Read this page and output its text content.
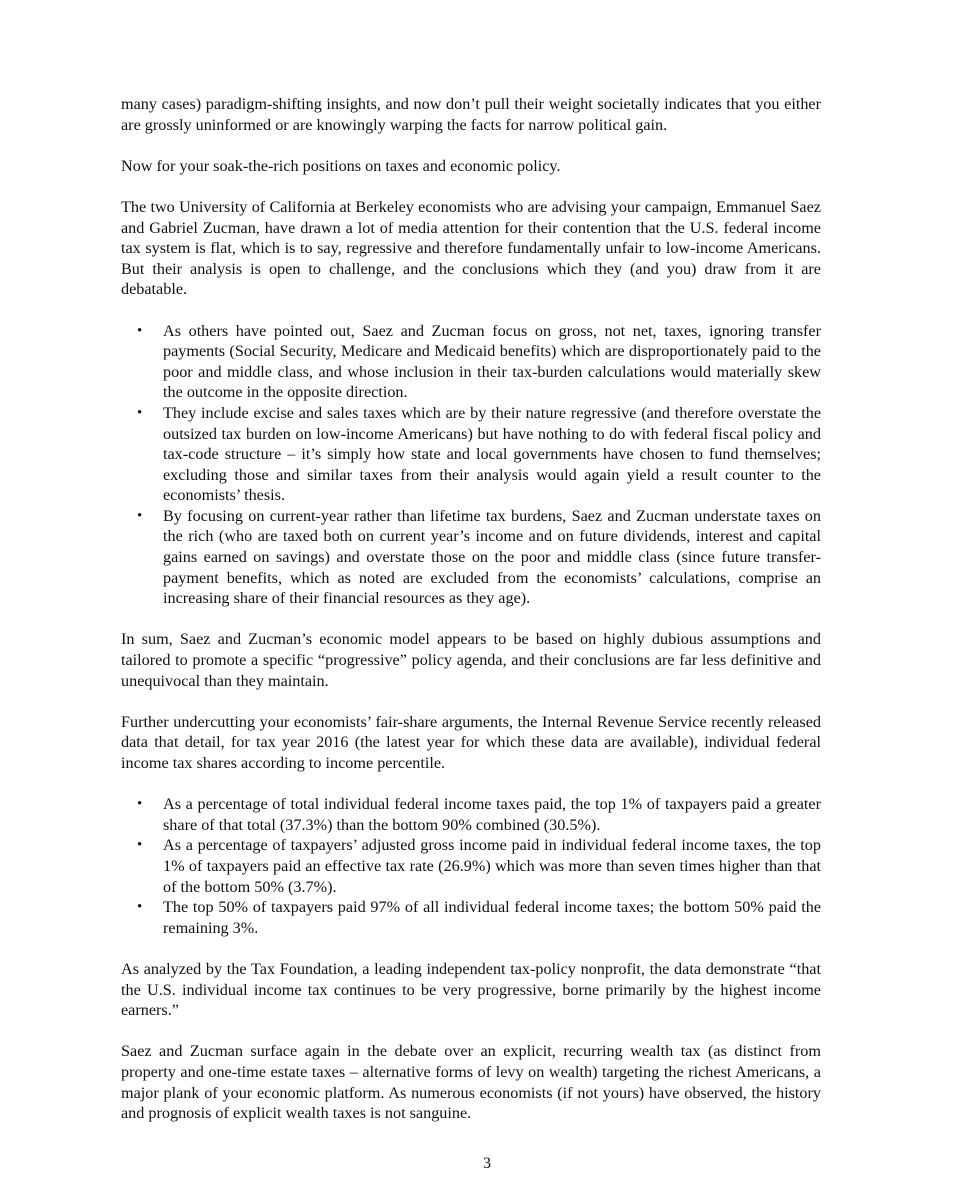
many cases) paradigm-shifting insights, and now don’t pull their weight societally indicates that you either are grossly uninformed or are knowingly warping the facts for narrow political gain.

Now for your soak-the-rich positions on taxes and economic policy.

The two University of California at Berkeley economists who are advising your campaign, Emmanuel Saez and Gabriel Zucman, have drawn a lot of media attention for their contention that the U.S. federal income tax system is flat, which is to say, regressive and therefore fundamentally unfair to low-income Americans. But their analysis is open to challenge, and the conclusions which they (and you) draw from it are debatable.

• As others have pointed out, Saez and Zucman focus on gross, not net, taxes, ignoring transfer payments (Social Security, Medicare and Medicaid benefits) which are disproportionately paid to the poor and middle class, and whose inclusion in their tax-burden calculations would materially skew the outcome in the opposite direction.
• They include excise and sales taxes which are by their nature regressive (and therefore overstate the outsized tax burden on low-income Americans) but have nothing to do with federal fiscal policy and tax-code structure – it’s simply how state and local governments have chosen to fund themselves; excluding those and similar taxes from their analysis would again yield a result counter to the economists’ thesis.
• By focusing on current-year rather than lifetime tax burdens, Saez and Zucman understate taxes on the rich (who are taxed both on current year’s income and on future dividends, interest and capital gains earned on savings) and overstate those on the poor and middle class (since future transfer-payment benefits, which as noted are excluded from the economists’ calculations, comprise an increasing share of their financial resources as they age).

In sum, Saez and Zucman’s economic model appears to be based on highly dubious assumptions and tailored to promote a specific “progressive” policy agenda, and their conclusions are far less definitive and unequivocal than they maintain.

Further undercutting your economists’ fair-share arguments, the Internal Revenue Service recently released data that detail, for tax year 2016 (the latest year for which these data are available), individual federal income tax shares according to income percentile.

• As a percentage of total individual federal income taxes paid, the top 1% of taxpayers paid a greater share of that total (37.3%) than the bottom 90% combined (30.5%).
• As a percentage of taxpayers’ adjusted gross income paid in individual federal income taxes, the top 1% of taxpayers paid an effective tax rate (26.9%) which was more than seven times higher than that of the bottom 50% (3.7%).
• The top 50% of taxpayers paid 97% of all individual federal income taxes; the bottom 50% paid the remaining 3%.

As analyzed by the Tax Foundation, a leading independent tax-policy nonprofit, the data demonstrate “that the U.S. individual income tax continues to be very progressive, borne primarily by the highest income earners.”

Saez and Zucman surface again in the debate over an explicit, recurring wealth tax (as distinct from property and one-time estate taxes – alternative forms of levy on wealth) targeting the richest Americans, a major plank of your economic platform. As numerous economists (if not yours) have observed, the history and prognosis of explicit wealth taxes is not sanguine.

3
